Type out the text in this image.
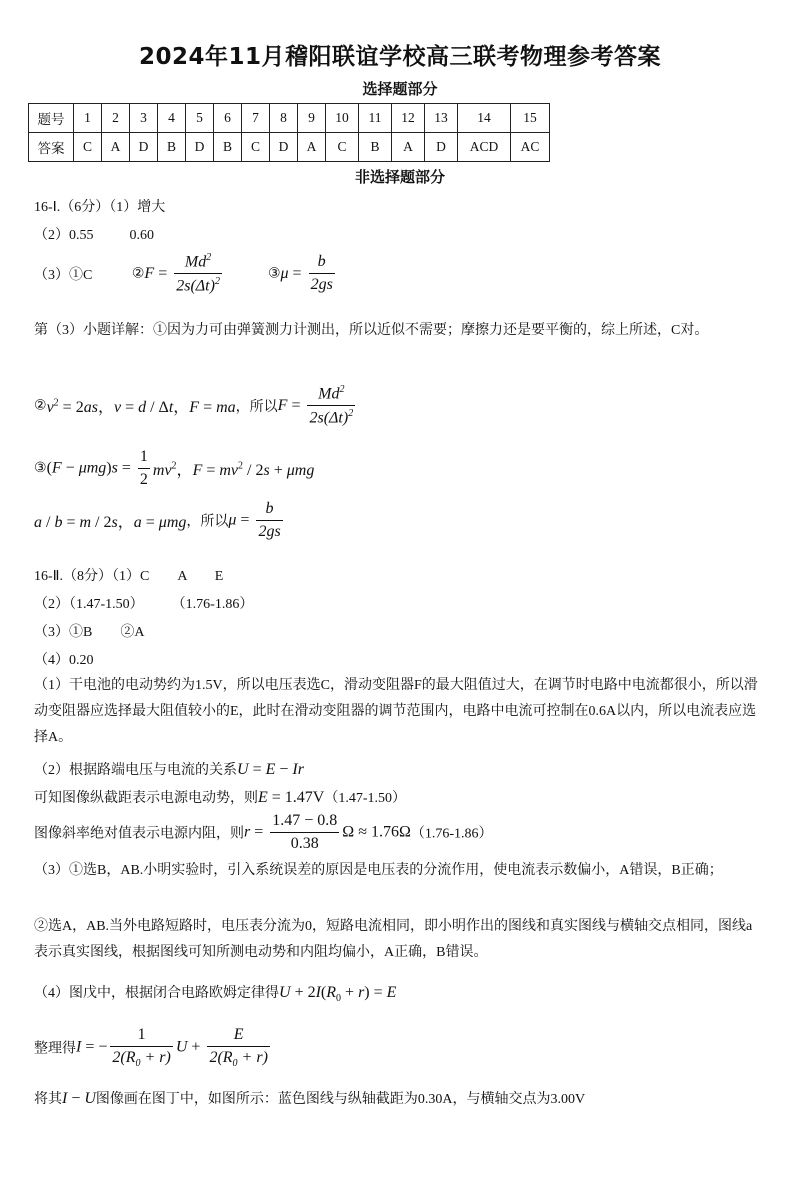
2024年11月稽阳联谊学校高三联考物理参考答案
选择题部分
题号	1	2	3	4	5	6	7	8	9	10	11	12	13	14	15
答案	C	A	D	B	D	B	C	D	A	C	B	A	D	ACD	AC
非选择题部分
16-Ⅰ.（6分）（1）增大
（2）0.55	0.60
（3）①C	②F = $\frac{Md^2}{2s(\Delta t)^2}$	③μ = $\frac{b}{2gs}$
第（3）小题详解：①因为力可由弹簧测力计测出，所以近似不需要；摩擦力还是要平衡的，综上所述，C对。
$②v^2 = 2as$，v = d / Δt，F = ma，所以$F = \frac{Md^2}{2s(\Delta t)^2}$
③(F − $\mu mg)s = \frac{1}{2} mv^2$，$F = mv^2 / 2s + \mu mg$
a / b = m / 2s，a = μmg，所以$\mu = \frac{b}{2gs}$
16-Ⅱ.（8分）（1）C　　A　　E
（2）（1.47-1.50）　　　（1.76-1.86）
（3）①B　　②A
（4）0.20
（1）干电池的电动势约为1.5V，所以电压表选C，滑动变阻器F的最大阻值过大，在调节时电路中电流都很小，所以滑动变阻器应选择最大阻值较小的E，此时在滑动变阻器的调节范围内，电路中电流可控制在0.6A以内，所以电流表应选择A。
（2）根据路端电压与电流的关系U = E − Ir
可知图像纵截距表示电源电动势，则E = 1.47V（1.47-1.50）
图像斜率绝对值表示电源内阻，则$r = \frac{1.47 - 0.8}{0.38}$ Ω ≈ 1.76Ω（1.76-1.86）
（3）①选B，AB.小明实验时，引入系统误差的原因是电压表的分流作用，使电流表示数偏小，A错误，B正确；
②选A，AB.当外电路短路时，电压表分流为0，短路电流相同，即小明作出的图线和真实图线与横轴交点相同，图线a表示真实图线，根据图线可知所测电动势和内阻均偏小，A正确，B错误。
（4）图戊中，根据闭合电路欧姆定律得$U + 2I(R_0 + r) = E$
整理得I = − $\frac{1}{2(R_0 + r)}$ $U + \frac{E}{2(R_0 + r)}$
将其I − U图像画在图丁中，如图所示：蓝色图线与纵轴截距为0.30A，与横轴交点为3.00V
